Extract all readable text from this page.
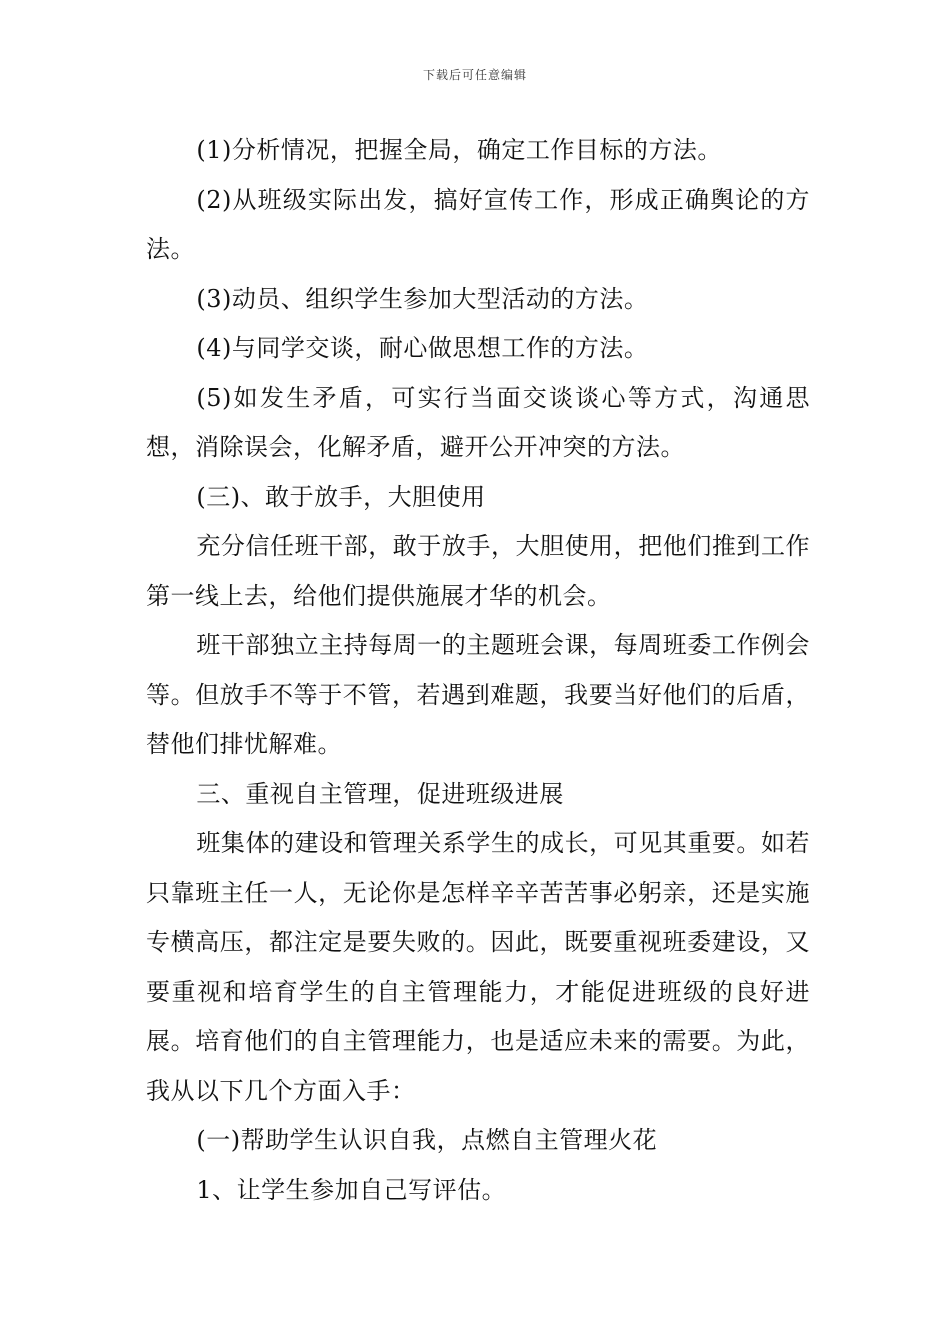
下载后可任意编辑

(1)分析情况，把握全局，确定工作目标的方法。

(2)从班级实际出发，搞好宣传工作，形成正确舆论的方法。

(3)动员、组织学生参加大型活动的方法。

(4)与同学交谈，耐心做思想工作的方法。

(5)如发生矛盾，可实行当面交谈谈心等方式，沟通思想，消除误会，化解矛盾，避开公开冲突的方法。

(三)、敢于放手，大胆使用

充分信任班干部，敢于放手，大胆使用，把他们推到工作第一线上去，给他们提供施展才华的机会。

班干部独立主持每周一的主题班会课，每周班委工作例会等。但放手不等于不管，若遇到难题，我要当好他们的后盾，替他们排忧解难。

三、重视自主管理，促进班级进展

班集体的建设和管理关系学生的成长，可见其重要。如若只靠班主任一人，无论你是怎样辛辛苦苦事必躬亲，还是实施专横高压，都注定是要失败的。因此，既要重视班委建设，又要重视和培育学生的自主管理能力，才能促进班级的良好进展。培育他们的自主管理能力，也是适应未来的需要。为此，我从以下几个方面入手：

(一)帮助学生认识自我，点燃自主管理火花

1、让学生参加自己写评估。
